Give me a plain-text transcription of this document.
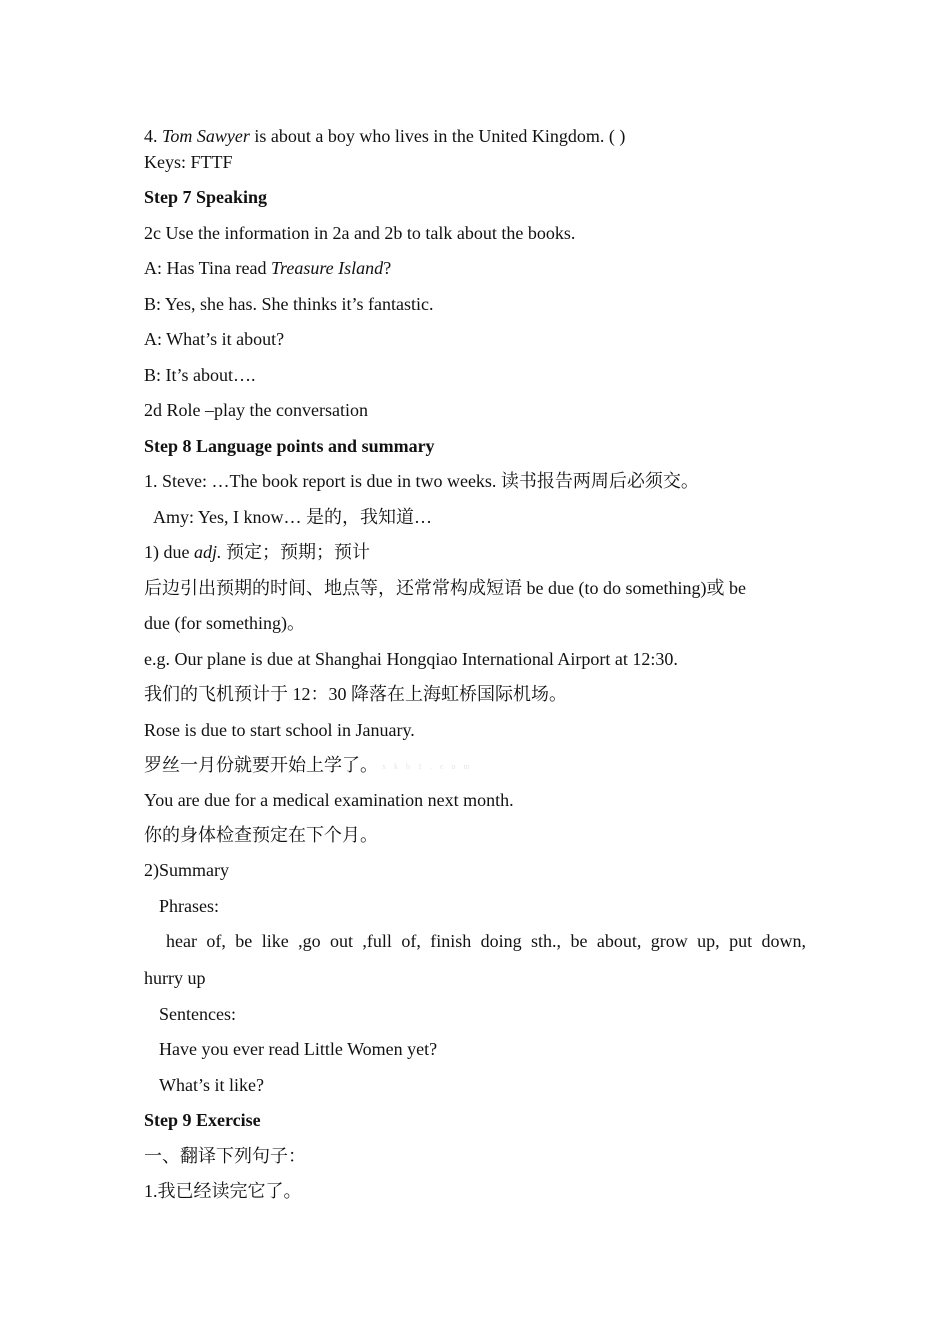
4. Tom Sawyer is about a boy who lives in the United Kingdom. ( )
Keys: FTTF
Step 7 Speaking
2c Use the information in 2a and 2b to talk about the books.
A: Has Tina read Treasure Island?
B: Yes, she has. She thinks it’s fantastic.
A: What’s it about?
B: It’s about….
2d Role –play the conversation
Step 8 Language points and summary
1. Steve: …The book report is due in two weeks. 读书报告两周后必须交。
Amy: Yes, I know… 是的，我知道…
1) due adj. 预定；预期；预计
后边引出预期的时间、地点等，还常常构成短语 be due (to do something)或 be
due (for something)。
e.g. Our plane is due at Shanghai Hongqiao International Airport at 12:30.
我们的飞机预计于 12：30 降落在上海虹桥国际机场。
Rose is due to start school in January.
罗丝一月份就要开始上学了。 x k b 1 . c o m
You are due for a medical examination next month.
你的身体检查预定在下个月。
2)Summary
Phrases:
hear of, be like ,go out ,full of, finish doing sth., be about, grow up, put down,
hurry up
Sentences:
Have you ever read Little Women yet?
What’s it like?
Step 9 Exercise
一、翻译下列句子：
1.我已经读完它了。
